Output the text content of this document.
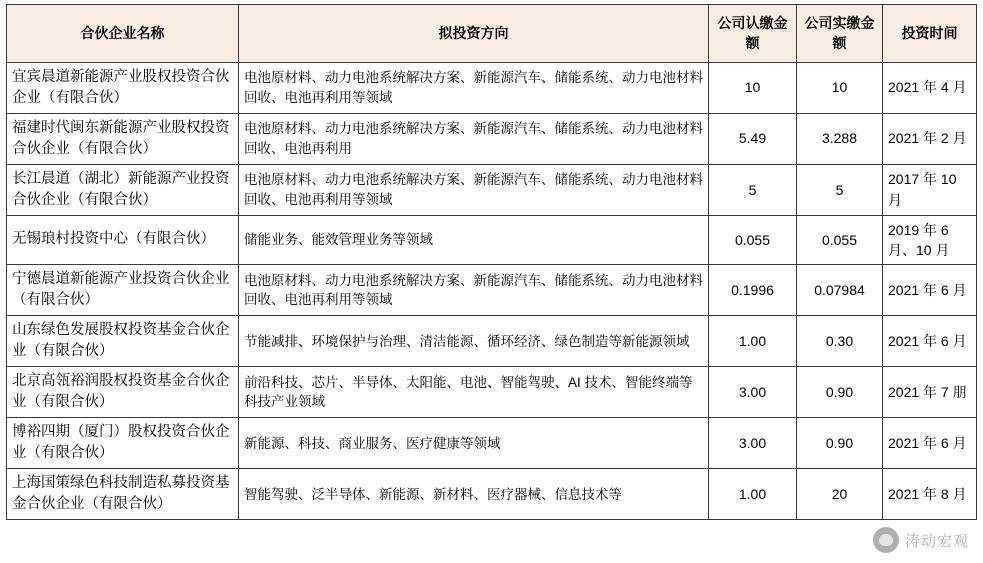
合伙企业名称	拟投资方向	公司认缴金额	公司实缴金额	投资时间
宜宾晨道新能源产业股权投资合伙企业（有限合伙）	电池原材料、动力电池系统解决方案、新能源汽车、储能系统、动力电池材料回收、电池再利用等领域	10	10	2021 年 4 月
福建时代闽东新能源产业股权投资合伙企业（有限合伙）	电池原材料、动力电池系统解决方案、新能源汽车、储能系统、动力电池材料回收、电池再利用	5.49	3.288	2021 年 2 月
长江晨道（湖北）新能源产业投资合伙企业（有限合伙）	电池原材料、动力电池系统解决方案、新能源汽车、储能系统、动力电池材料回收、电池再利用等领域	5	5	2017 年 10 月
无锡琅村投资中心（有限合伙）	储能业务、能效管理业务等领域	0.055	0.055	2019 年 6 月、10 月
宁德晨道新能源产业投资合伙企业（有限合伙）	电池原材料、动力电池系统解决方案、新能源汽车、储能系统、动力电池材料回收、电池再利用等领域	0.1996	0.07984	2021 年 6 月
山东绿色发展股权投资基金合伙企业（有限合伙）	节能减排、环境保护与治理、清洁能源、循环经济、绿色制造等新能源领域	1.00	0.30	2021 年 6 月
北京高瓴裕润股权投资基金合伙企业（有限合伙）	前沿科技、芯片、半导体、太阳能、电池、智能驾驶、AI 技术、智能终端等科技产业领域	3.00	0.90	2021 年 7 朋
博裕四期（厦门）股权投资合伙企业（有限合伙）	新能源、科技、商业服务、医疗健康等领域	3.00	0.90	2021 年 6 月
上海国策绿色科技制造私募投资基金合伙企业（有限合伙）	智能驾驶、泛半导体、新能源、新材料、医疗器械、信息技术等	1.00	20	2021 年 8 月
涛动宏观
